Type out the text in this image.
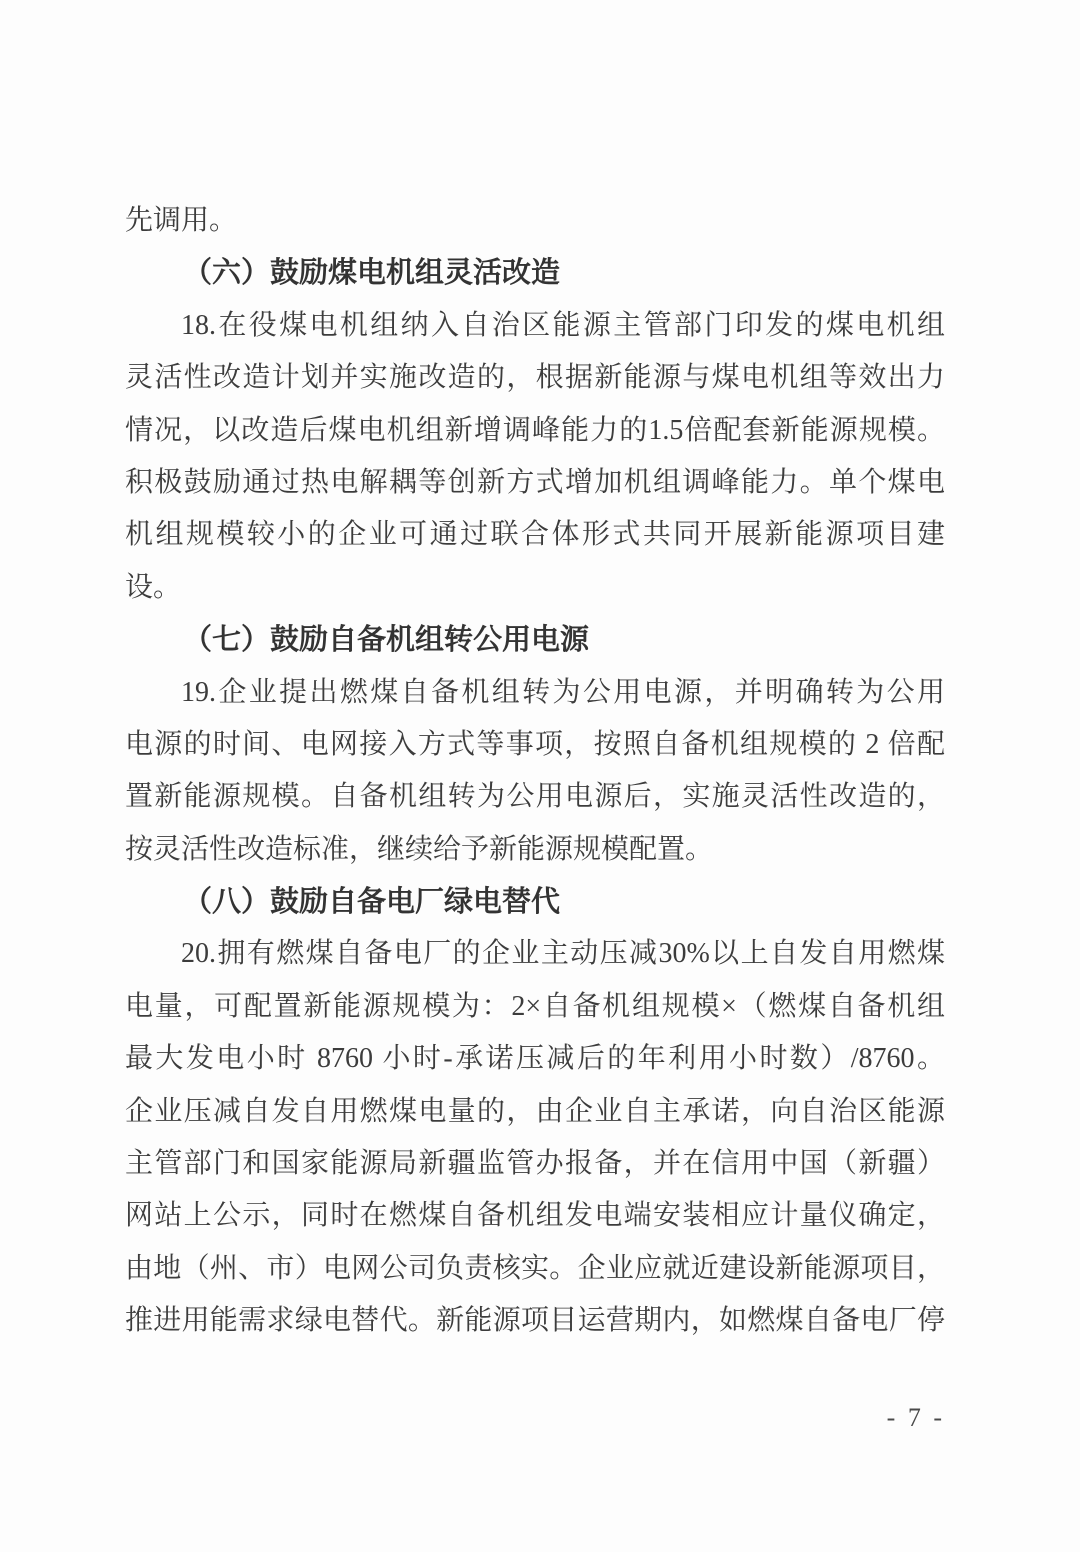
先调用。
（六）鼓励煤电机组灵活改造
18.在役煤电机组纳入自治区能源主管部门印发的煤电机组
灵活性改造计划并实施改造的，根据新能源与煤电机组等效出力
情况，以改造后煤电机组新增调峰能力的1.5倍配套新能源规模。
积极鼓励通过热电解耦等创新方式增加机组调峰能力。单个煤电
机组规模较小的企业可通过联合体形式共同开展新能源项目建
设。
（七）鼓励自备机组转公用电源
19.企业提出燃煤自备机组转为公用电源，并明确转为公用
电源的时间、电网接入方式等事项，按照自备机组规模的 2 倍配
置新能源规模。自备机组转为公用电源后，实施灵活性改造的，
按灵活性改造标准，继续给予新能源规模配置。
（八）鼓励自备电厂绿电替代
20.拥有燃煤自备电厂的企业主动压减30%以上自发自用燃煤
电量，可配置新能源规模为：2×自备机组规模×（燃煤自备机组
最大发电小时 8760 小时-承诺压减后的年利用小时数）/8760。
企业压减自发自用燃煤电量的，由企业自主承诺，向自治区能源
主管部门和国家能源局新疆监管办报备，并在信用中国（新疆）
网站上公示，同时在燃煤自备机组发电端安装相应计量仪确定，
由地（州、市）电网公司负责核实。企业应就近建设新能源项目，
推进用能需求绿电替代。新能源项目运营期内，如燃煤自备电厂停
- 7 -
